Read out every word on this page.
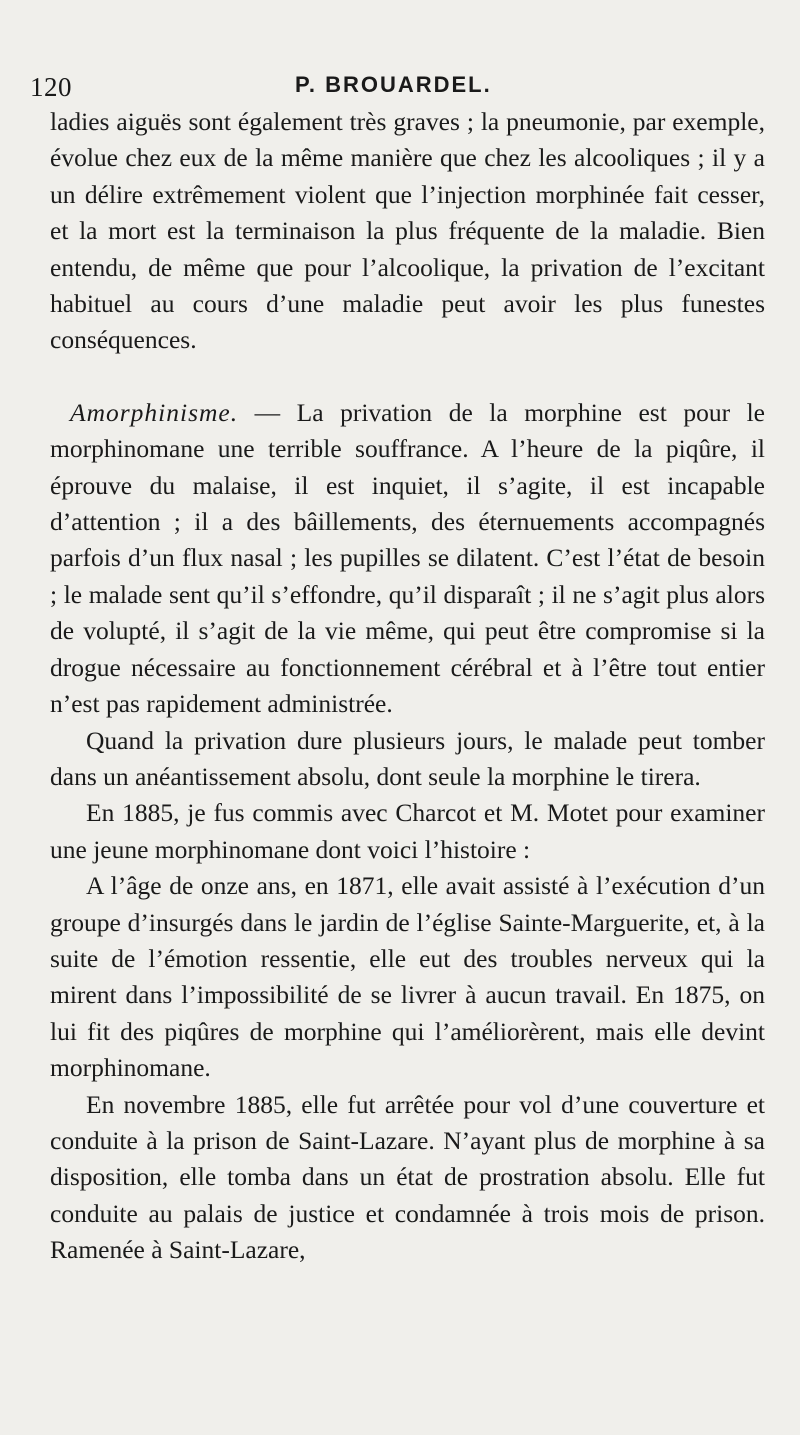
120	P. BROUARDEL.

ladies aiguës sont également très graves ; la pneumonie, par exemple, évolue chez eux de la même manière que chez les alcooliques ; il y a un délire extrêmement violent que l’injection morphinée fait cesser, et la mort est la terminaison la plus fréquente de la maladie. Bien entendu, de même que pour l’alcoolique, la privation de l’excitant habituel au cours d’une maladie peut avoir les plus funestes conséquences.

Amorphinisme. — La privation de la morphine est pour le morphinomane une terrible souffrance. A l’heure de la piqûre, il éprouve du malaise, il est inquiet, il s’agite, il est incapable d’attention ; il a des bâillements, des éternuements accompagnés parfois d’un flux nasal ; les pupilles se dilatent. C’est l’état de besoin ; le malade sent qu’il s’effondre, qu’il disparaît ; il ne s’agit plus alors de volupté, il s’agit de la vie même, qui peut être compromise si la drogue nécessaire au fonctionnement cérébral et à l’être tout entier n’est pas rapidement administrée.

Quand la privation dure plusieurs jours, le malade peut tomber dans un anéantissement absolu, dont seule la morphine le tirera.

En 1885, je fus commis avec Charcot et M. Motet pour examiner une jeune morphinomane dont voici l’histoire :

A l’âge de onze ans, en 1871, elle avait assisté à l’exécution d’un groupe d’insurgés dans le jardin de l’église Sainte-Marguerite, et, à la suite de l’émotion ressentie, elle eut des troubles nerveux qui la mirent dans l’impossibilité de se livrer à aucun travail. En 1875, on lui fit des piqûres de morphine qui l’améliorèrent, mais elle devint morphinomane.

En novembre 1885, elle fut arrêtée pour vol d’une couverture et conduite à la prison de Saint-Lazare. N’ayant plus de morphine à sa disposition, elle tomba dans un état de prostration absolu. Elle fut conduite au palais de justice et condamnée à trois mois de prison. Ramenée à Saint-Lazare,
